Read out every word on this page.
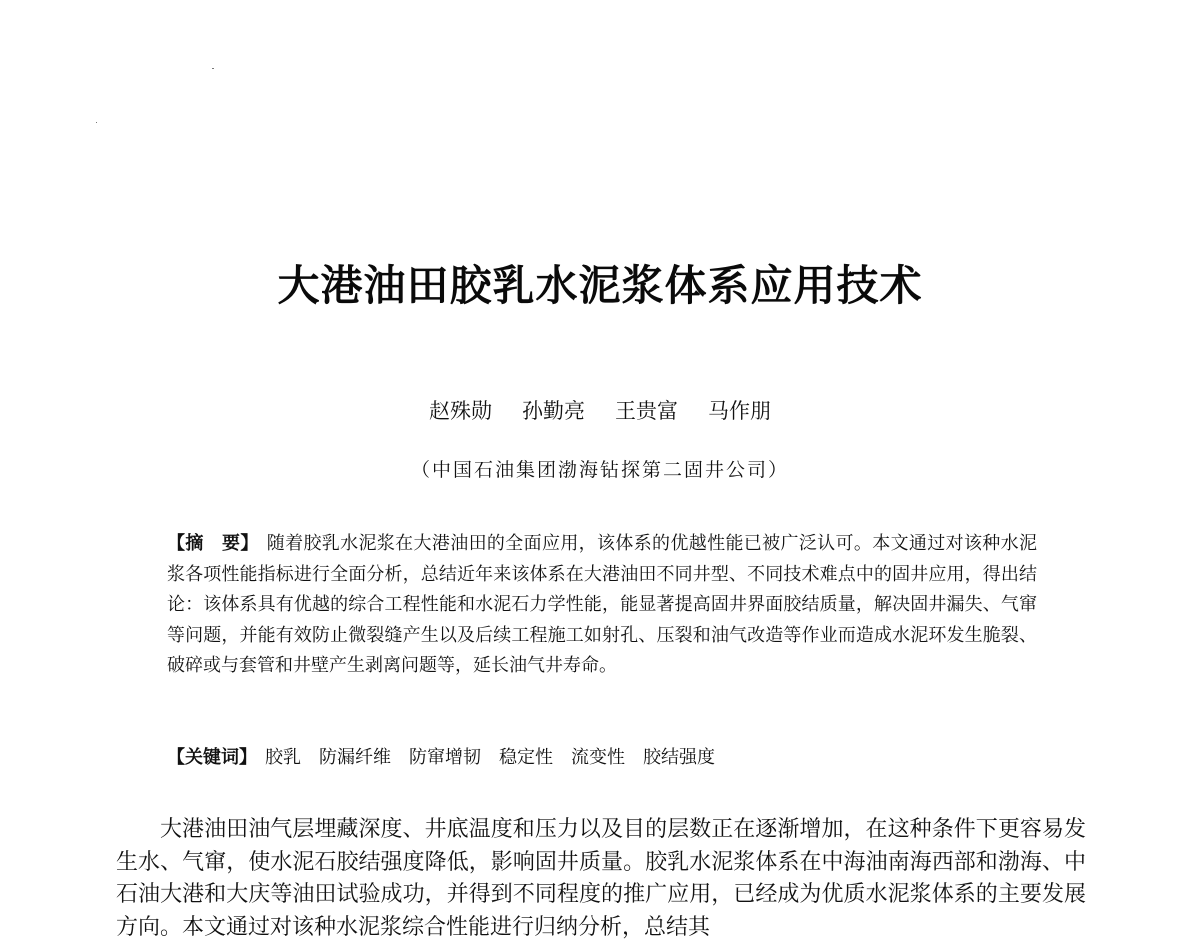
大港油田胶乳水泥浆体系应用技术
赵殊勋 孙勤亮 王贵富 马作朋
（中国石油集团渤海钻探第二固井公司）

【摘　要】 随着胶乳水泥浆在大港油田的全面应用，该体系的优越性能已被广泛认可。本文通过对该种水泥浆各项性能指标进行全面分析，总结近年来该体系在大港油田不同井型、不同技术难点中的固井应用，得出结论：该体系具有优越的综合工程性能和水泥石力学性能，能显著提高固井界面胶结质量，解决固井漏失、气窜等问题，并能有效防止微裂缝产生以及后续工程施工如射孔、压裂和油气改造等作业而造成水泥环发生脆裂、破碎或与套管和井壁产生剥离问题等，延长油气井寿命。

【关键词】 胶乳 防漏纤维 防窜增韧 稳定性 流变性 胶结强度

大港油田油气层埋藏深度、井底温度和压力以及目的层数正在逐渐增加，在这种条件下更容易发生水、气窜，使水泥石胶结强度降低，影响固井质量。胶乳水泥浆体系在中海油南海西部和渤海、中石油大港和大庆等油田试验成功，并得到不同程度的推广应用，已经成为优质水泥浆体系的主要发展方向。本文通过对该种水泥浆综合性能进行归纳分析，总结其
